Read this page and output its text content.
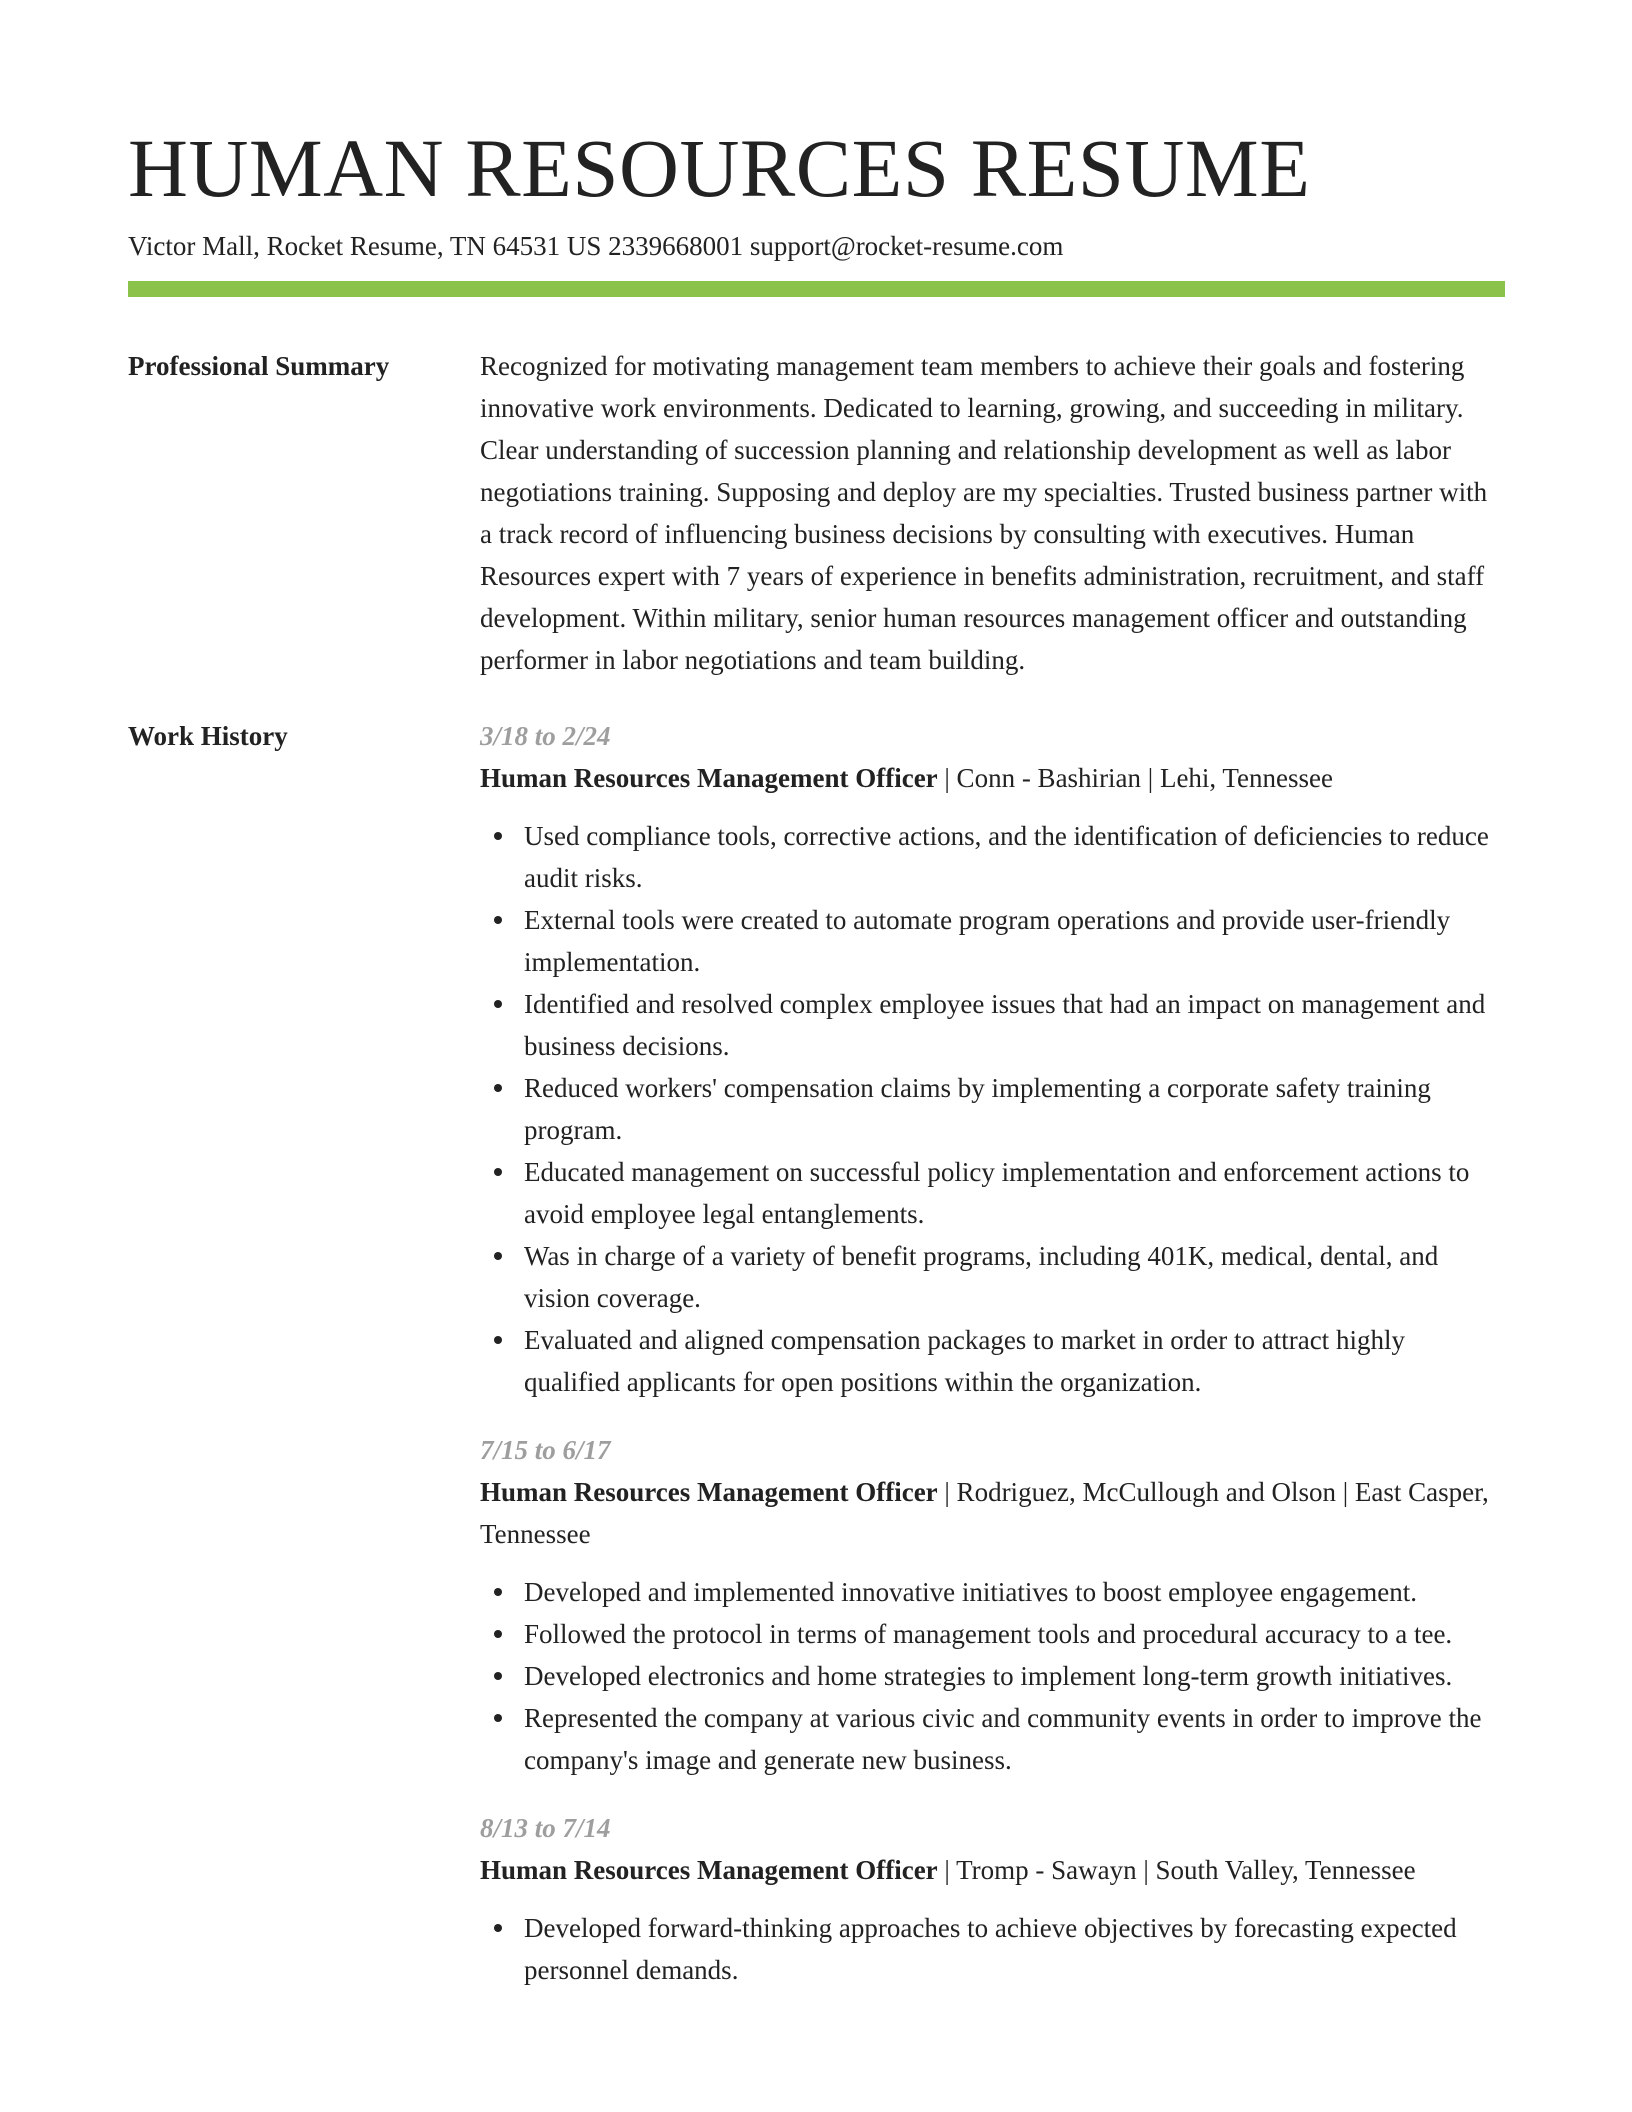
HUMAN RESOURCES RESUME
Victor Mall, Rocket Resume, TN 64531 US 2339668001 support@rocket-resume.com
Professional Summary	Recognized for motivating management team members to achieve their goals and fostering innovative work environments. Dedicated to learning, growing, and succeeding in military. Clear understanding of succession planning and relationship development as well as labor negotiations training. Supposing and deploy are my specialties. Trusted business partner with a track record of influencing business decisions by consulting with executives. Human Resources expert with 7 years of experience in benefits administration, recruitment, and staff development. Within military, senior human resources management officer and outstanding performer in labor negotiations and team building.

Work History	3/18 to 2/24
Human Resources Management Officer | Conn - Bashirian | Lehi, Tennessee
Used compliance tools, corrective actions, and the identification of deficiencies to reduce audit risks.
External tools were created to automate program operations and provide user-friendly implementation.
Identified and resolved complex employee issues that had an impact on management and business decisions.
Reduced workers' compensation claims by implementing a corporate safety training program.
Educated management on successful policy implementation and enforcement actions to avoid employee legal entanglements.
Was in charge of a variety of benefit programs, including 401K, medical, dental, and vision coverage.
Evaluated and aligned compensation packages to market in order to attract highly qualified applicants for open positions within the organization.
7/15 to 6/17
Human Resources Management Officer | Rodriguez, McCullough and Olson | East Casper, Tennessee
Developed and implemented innovative initiatives to boost employee engagement.
Followed the protocol in terms of management tools and procedural accuracy to a tee.
Developed electronics and home strategies to implement long-term growth initiatives.
Represented the company at various civic and community events in order to improve the company's image and generate new business.
8/13 to 7/14
Human Resources Management Officer | Tromp - Sawayn | South Valley, Tennessee
Developed forward-thinking approaches to achieve objectives by forecasting expected personnel demands.
